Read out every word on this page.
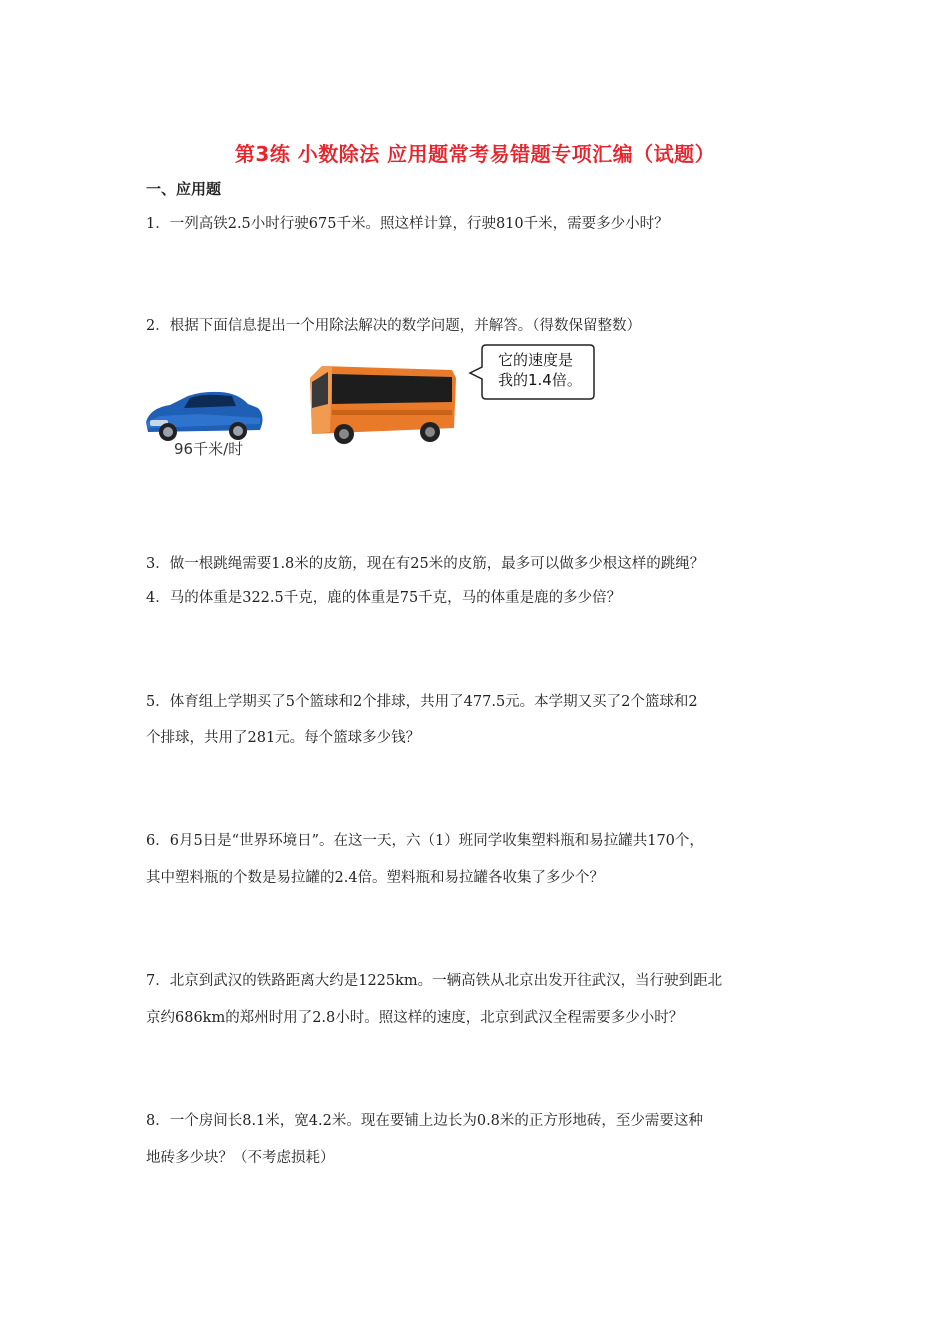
第3练 小数除法 应用题常考易错题专项汇编（试题）
一、应用题
1．一列高铁2.5小时行驶675千米。照这样计算，行驶810千米，需要多少小时？
2．根据下面信息提出一个用除法解决的数学问题，并解答。（得数保留整数）
96千米/时
它的速度是
我的1.4倍。
3．做一根跳绳需要1.8米的皮筋，现在有25米的皮筋，最多可以做多少根这样的跳绳？
4．马的体重是322.5千克，鹿的体重是75千克，马的体重是鹿的多少倍？
5．体育组上学期买了5个篮球和2个排球，共用了477.5元。本学期又买了2个篮球和2
个排球，共用了281元。每个篮球多少钱？
6．6月5日是“世界环境日”。在这一天，六（1）班同学收集塑料瓶和易拉罐共170个，
其中塑料瓶的个数是易拉罐的2.4倍。塑料瓶和易拉罐各收集了多少个？
7．北京到武汉的铁路距离大约是1225km。一辆高铁从北京出发开往武汉，当行驶到距北
京约686km的郑州时用了2.8小时。照这样的速度，北京到武汉全程需要多少小时？
8．一个房间长8.1米，宽4.2米。现在要铺上边长为0.8米的正方形地砖，至少需要这种
地砖多少块？（不考虑损耗）
